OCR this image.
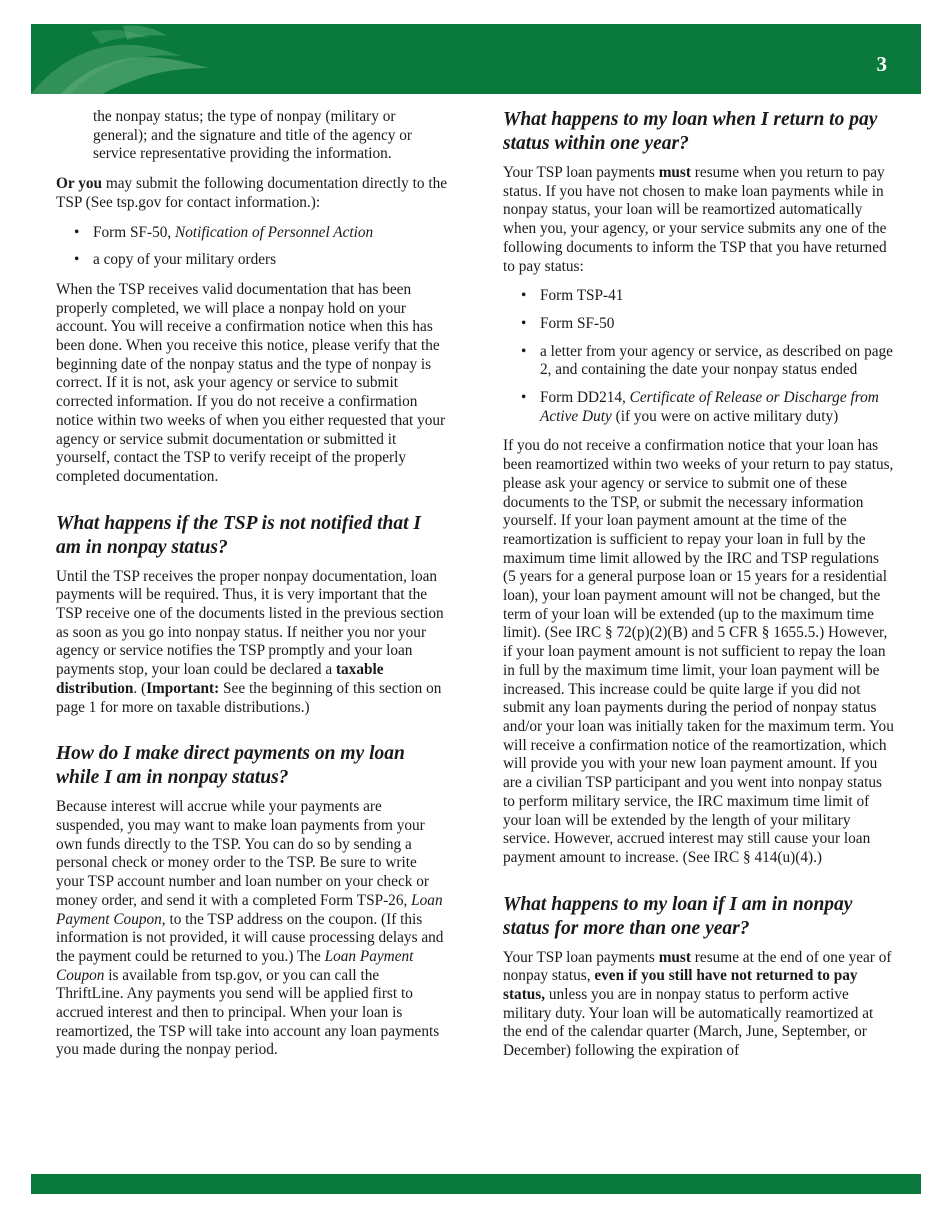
3

the nonpay status; the type of nonpay (military or general); and the signature and title of the agency or service representative providing the information.

Or you may submit the following documentation directly to the TSP (See tsp.gov for contact information.):

• Form SF-50, Notification of Personnel Action
• a copy of your military orders

When the TSP receives valid documentation that has been properly completed, we will place a nonpay hold on your account. You will receive a confirmation notice when this has been done. When you receive this notice, please verify that the beginning date of the nonpay status and the type of nonpay is correct. If it is not, ask your agency or service to submit corrected information. If you do not receive a confirmation notice within two weeks of when you either requested that your agency or service submit documentation or submitted it yourself, contact the TSP to verify receipt of the properly completed documentation.

What happens if the TSP is not notified that I am in nonpay status?

Until the TSP receives the proper nonpay documentation, loan payments will be required. Thus, it is very important that the TSP receive one of the documents listed in the previous section as soon as you go into nonpay status. If neither you nor your agency or service notifies the TSP promptly and your loan payments stop, your loan could be declared a taxable distribution. (Important: See the beginning of this section on page 1 for more on taxable distributions.)

How do I make direct payments on my loan while I am in nonpay status?

Because interest will accrue while your payments are suspended, you may want to make loan payments from your own funds directly to the TSP. You can do so by sending a personal check or money order to the TSP. Be sure to write your TSP account number and loan number on your check or money order, and send it with a completed Form TSP-26, Loan Payment Coupon, to the TSP address on the coupon. (If this information is not provided, it will cause processing delays and the payment could be returned to you.) The Loan Payment Coupon is available from tsp.gov, or you can call the ThriftLine. Any payments you send will be applied first to accrued interest and then to principal. When your loan is reamortized, the TSP will take into account any loan payments you made during the nonpay period.

What happens to my loan when I return to pay status within one year?

Your TSP loan payments must resume when you return to pay status. If you have not chosen to make loan payments while in nonpay status, your loan will be reamortized automatically when you, your agency, or your service submits any one of the following documents to inform the TSP that you have returned to pay status:

• Form TSP-41
• Form SF-50
• a letter from your agency or service, as described on page 2, and containing the date your nonpay status ended
• Form DD214, Certificate of Release or Discharge from Active Duty (if you were on active military duty)

If you do not receive a confirmation notice that your loan has been reamortized within two weeks of your return to pay status, please ask your agency or service to submit one of these documents to the TSP, or submit the necessary information yourself. If your loan payment amount at the time of the reamortization is sufficient to repay your loan in full by the maximum time limit allowed by the IRC and TSP regulations (5 years for a general purpose loan or 15 years for a residential loan), your loan payment amount will not be changed, but the term of your loan will be extended (up to the maximum time limit). (See IRC § 72(p)(2)(B) and 5 CFR § 1655.5.) However, if your loan payment amount is not sufficient to repay the loan in full by the maximum time limit, your loan payment will be increased. This increase could be quite large if you did not submit any loan payments during the period of nonpay status and/or your loan was initially taken for the maximum term. You will receive a confirmation notice of the reamortization, which will provide you with your new loan payment amount. If you are a civilian TSP participant and you went into nonpay status to perform military service, the IRC maximum time limit of your loan will be extended by the length of your military service. However, accrued interest may still cause your loan payment amount to increase. (See IRC § 414(u)(4).)

What happens to my loan if I am in nonpay status for more than one year?

Your TSP loan payments must resume at the end of one year of nonpay status, even if you still have not returned to pay status, unless you are in nonpay status to perform active military duty. Your loan will be automatically reamortized at the end of the calendar quarter (March, June, September, or December) following the expiration of
